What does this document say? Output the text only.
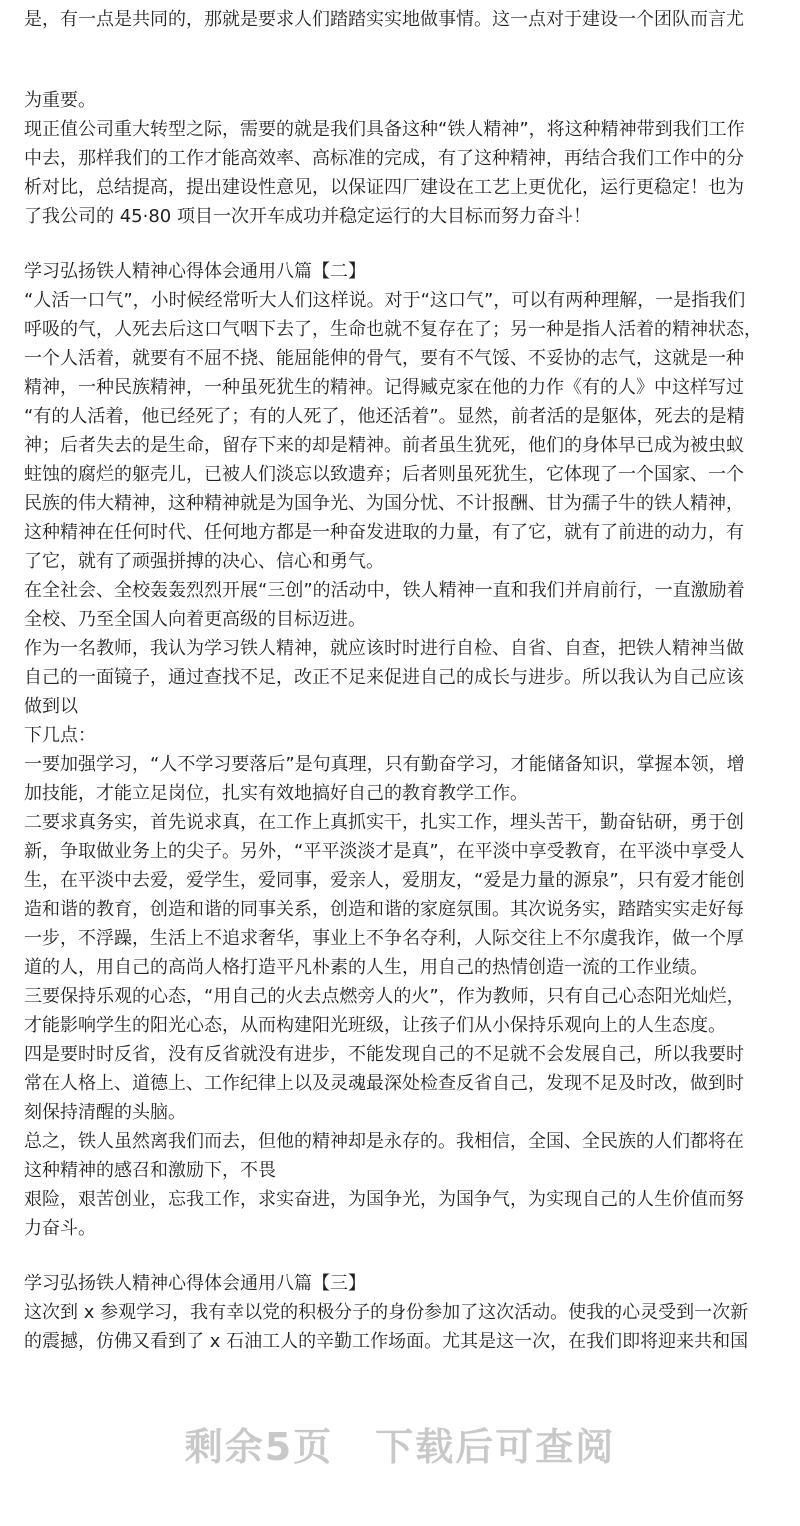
是，有一点是共同的，那就是要求人们踏踏实实地做事情。这一点对于建设一个团队而言尤
为重要。
现正值公司重大转型之际，需要的就是我们具备这种“铁人精神”，将这种精神带到我们工作
中去，那样我们的工作才能高效率、高标准的完成，有了这种精神，再结合我们工作中的分
析对比，总结提高，提出建设性意见，以保证四厂建设在工艺上更优化，运行更稳定！也为
了我公司的 45·80 项目一次开车成功并稳定运行的大目标而努力奋斗！
学习弘扬铁人精神心得体会通用八篇【二】
“人活一口气”，小时候经常听大人们这样说。对于“这口气”，可以有两种理解，一是指我们
呼吸的气，人死去后这口气咽下去了，生命也就不复存在了；另一种是指人活着的精神状态，
一个人活着，就要有不屈不挠、能屈能伸的骨气，要有不气馁、不妥协的志气，这就是一种
精神，一种民族精神，一种虽死犹生的精神。记得臧克家在他的力作《有的人》中这样写过
“有的人活着，他已经死了；有的人死了，他还活着”。显然，前者活的是躯体，死去的是精
神；后者失去的是生命，留存下来的却是精神。前者虽生犹死，他们的身体早已成为被虫蚁
蛀蚀的腐烂的躯壳儿，已被人们淡忘以致遗弃；后者则虽死犹生，它体现了一个国家、一个
民族的伟大精神，这种精神就是为国争光、为国分忧、不计报酬、甘为孺子牛的铁人精神，
这种精神在任何时代、任何地方都是一种奋发进取的力量，有了它，就有了前进的动力，有
了它，就有了顽强拼搏的决心、信心和勇气。
在全社会、全校轰轰烈烈开展“三创”的活动中，铁人精神一直和我们并肩前行，一直激励着
全校、乃至全国人向着更高级的目标迈进。
作为一名教师，我认为学习铁人精神，就应该时时进行自检、自省、自查，把铁人精神当做
自己的一面镜子，通过查找不足，改正不足来促进自己的成长与进步。所以我认为自己应该
做到以
下几点：
一要加强学习，“人不学习要落后”是句真理，只有勤奋学习，才能储备知识，掌握本领，增
加技能，才能立足岗位，扎实有效地搞好自己的教育教学工作。
二要求真务实，首先说求真，在工作上真抓实干，扎实工作，埋头苦干，勤奋钻研，勇于创
新，争取做业务上的尖子。另外，“平平淡淡才是真”，在平淡中享受教育，在平淡中享受人
生，在平淡中去爱，爱学生，爱同事，爱亲人，爱朋友，“爱是力量的源泉”，只有爱才能创
造和谐的教育，创造和谐的同事关系，创造和谐的家庭氛围。其次说务实，踏踏实实走好每
一步，不浮躁，生活上不追求奢华，事业上不争名夺利，人际交往上不尔虞我诈，做一个厚
道的人，用自己的高尚人格打造平凡朴素的人生，用自己的热情创造一流的工作业绩。
三要保持乐观的心态，“用自己的火去点燃旁人的火”，作为教师，只有自己心态阳光灿烂，
才能影响学生的阳光心态，从而构建阳光班级，让孩子们从小保持乐观向上的人生态度。
四是要时时反省，没有反省就没有进步，不能发现自己的不足就不会发展自己，所以我要时
常在人格上、道德上、工作纪律上以及灵魂最深处检查反省自己，发现不足及时改，做到时
刻保持清醒的头脑。
总之，铁人虽然离我们而去，但他的精神却是永存的。我相信，全国、全民族的人们都将在
这种精神的感召和激励下，不畏
艰险，艰苦创业，忘我工作，求实奋进，为国争光，为国争气，为实现自己的人生价值而努
力奋斗。
学习弘扬铁人精神心得体会通用八篇【三】
这次到 x 参观学习，我有幸以党的积极分子的身份参加了这次活动。使我的心灵受到一次新
的震撼，仿佛又看到了 x 石油工人的辛勤工作场面。尤其是这一次，在我们即将迎来共和国
剩余5页 下载后可查阅
